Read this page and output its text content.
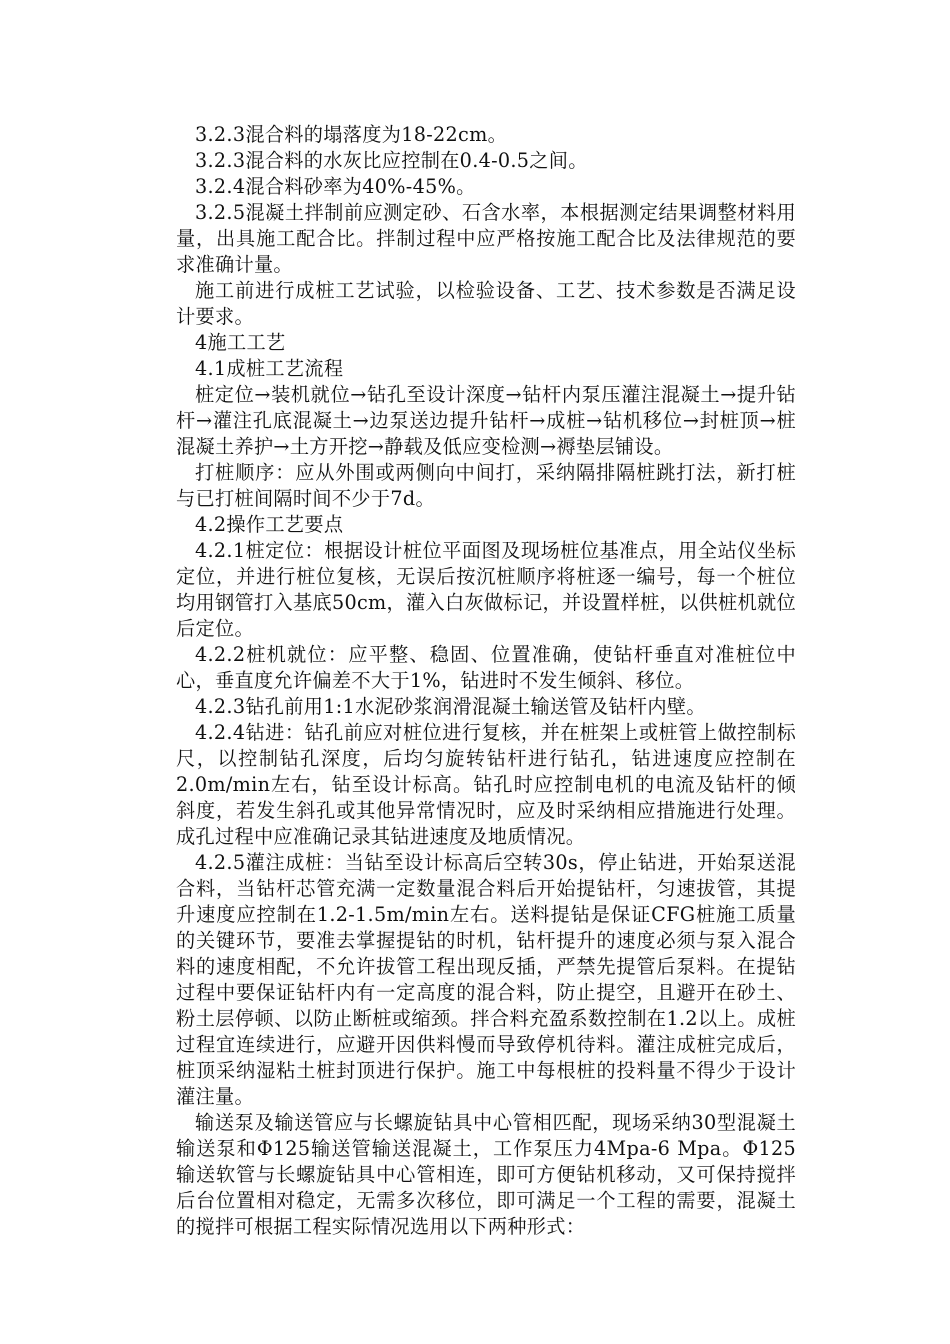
3.2.3混合料的塌落度为18-22cm。

3.2.3混合料的水灰比应控制在0.4-0.5之间。

3.2.4混合料砂率为40%-45%。

3.2.5混凝土拌制前应测定砂、石含水率，本根据测定结果调整材料用量，出具施工配合比。拌制过程中应严格按施工配合比及法律规范的要求准确计量。

施工前进行成桩工艺试验，以检验设备、工艺、技术参数是否满足设计要求。

4施工工艺

4.1成桩工艺流程

桩定位→装机就位→钻孔至设计深度→钻杆内泵压灌注混凝土→提升钻杆→灌注孔底混凝土→边泵送边提升钻杆→成桩→钻机移位→封桩顶→桩混凝土养护→土方开挖→静载及低应变检测→褥垫层铺设。

打桩顺序：应从外围或两侧向中间打，采纳隔排隔桩跳打法，新打桩与已打桩间隔时间不少于7d。

4.2操作工艺要点

4.2.1桩定位：根据设计桩位平面图及现场桩位基准点，用全站仪坐标定位，并进行桩位复核，无误后按沉桩顺序将桩逐一编号，每一个桩位均用钢管打入基底50cm，灌入白灰做标记，并设置样桩，以供桩机就位后定位。

4.2.2桩机就位：应平整、稳固、位置准确，使钻杆垂直对准桩位中心，垂直度允许偏差不大于1%，钻进时不发生倾斜、移位。

4.2.3钻孔前用1:1水泥砂浆润滑混凝土输送管及钻杆内壁。

4.2.4钻进：钻孔前应对桩位进行复核，并在桩架上或桩管上做控制标尺，以控制钻孔深度，后均匀旋转钻杆进行钻孔，钻进速度应控制在2.0m/min左右，钻至设计标高。钻孔时应控制电机的电流及钻杆的倾斜度，若发生斜孔或其他异常情况时，应及时采纳相应措施进行处理。成孔过程中应准确记录其钻进速度及地质情况。

4.2.5灌注成桩：当钻至设计标高后空转30s，停止钻进，开始泵送混合料，当钻杆芯管充满一定数量混合料后开始提钻杆，匀速拔管，其提升速度应控制在1.2-1.5m/min左右。送料提钻是保证CFG桩施工质量的关键环节，要准去掌握提钻的时机，钻杆提升的速度必须与泵入混合料的速度相配，不允许拔管工程出现反插，严禁先提管后泵料。在提钻过程中要保证钻杆内有一定高度的混合料，防止提空，且避开在砂土、粉土层停顿、以防止断桩或缩颈。拌合料充盈系数控制在1.2以上。成桩过程宜连续进行，应避开因供料慢而导致停机待料。灌注成桩完成后，桩顶采纳湿粘土桩封顶进行保护。施工中每根桩的投料量不得少于设计灌注量。

输送泵及输送管应与长螺旋钻具中心管相匹配，现场采纳30型混凝土输送泵和Φ125输送管输送混凝土，工作泵压力4Mpa-6 Mpa。Φ125输送软管与长螺旋钻具中心管相连，即可方便钻机移动，又可保持搅拌后台位置相对稳定，无需多次移位，即可满足一个工程的需要，混凝土的搅拌可根据工程实际情况选用以下两种形式：
